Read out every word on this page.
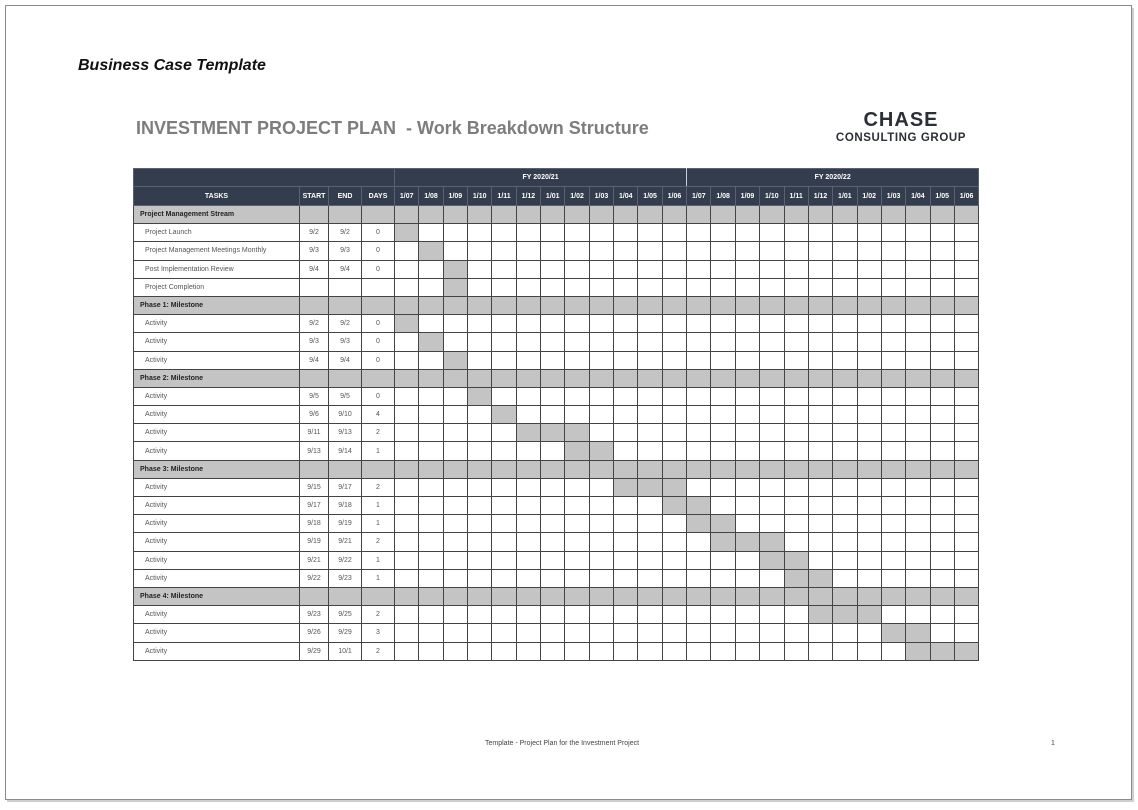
Business Case Template
INVESTMENT PROJECT PLAN - Work Breakdown Structure	CHASE
CONSULTING GROUP
				FY 2020/21												FY 2020/22											
TASKS	START	END	DAYS	1/07	1/08	1/09	1/10	1/11	1/12	1/01	1/02	1/03	1/04	1/05	1/06	1/07	1/08	1/09	1/10	1/11	1/12	1/01	1/02	1/03	1/04	1/05	1/06
Project Management Stream																											
Project Launch	9/2	9/2	0																								
Project Management Meetings Monthly	9/3	9/3	0																								
Post Implementation Review	9/4	9/4	0																								
Project Completion																											
Phase 1: Milestone																											
Activity	9/2	9/2	0																								
Activity	9/3	9/3	0																								
Activity	9/4	9/4	0																								
Phase 2: Milestone																											
Activity	9/5	9/5	0																								
Activity	9/6	9/10	4																								
Activity	9/11	9/13	2																								
Activity	9/13	9/14	1																								
Phase 3: Milestone																											
Activity	9/15	9/17	2																								
Activity	9/17	9/18	1																								
Activity	9/18	9/19	1																								
Activity	9/19	9/21	2																								
Activity	9/21	9/22	1																								
Activity	9/22	9/23	1																								
Phase 4: Milestone																											
Activity	9/23	9/25	2																								
Activity	9/26	9/29	3																								
Activity	9/29	10/1	2																								
Template - Project Plan for the Investment Project	1
